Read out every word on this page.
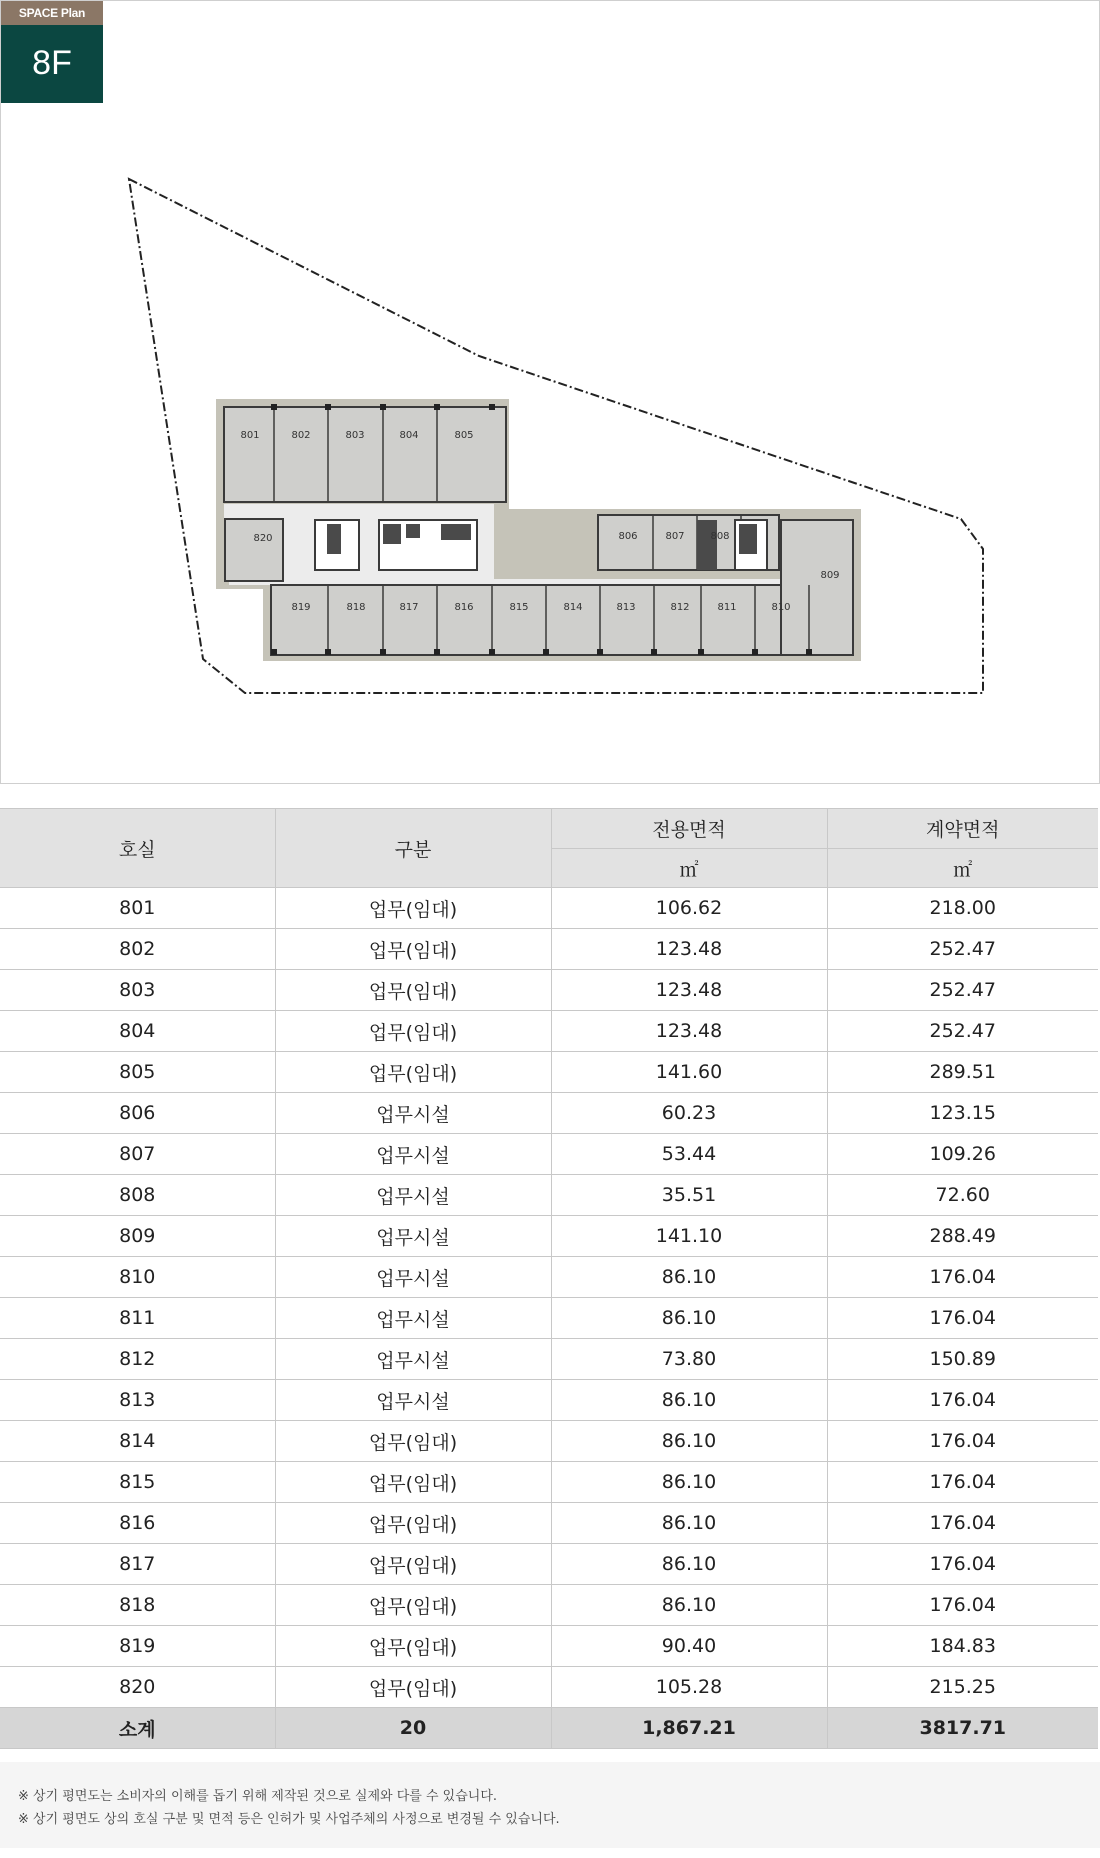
801	802	803	804	805
820
819	818	817	816	815	814	813	812	811	810
806	807	808
809
SPACE Plan
8F
호실	구분	전용면적	계약면적
		㎡	㎡
801	업무(임대)	106.62	218.00
802	업무(임대)	123.48	252.47
803	업무(임대)	123.48	252.47
804	업무(임대)	123.48	252.47
805	업무(임대)	141.60	289.51
806	업무시설	60.23	123.15
807	업무시설	53.44	109.26
808	업무시설	35.51	72.60
809	업무시설	141.10	288.49
810	업무시설	86.10	176.04
811	업무시설	86.10	176.04
812	업무시설	73.80	150.89
813	업무시설	86.10	176.04
814	업무(임대)	86.10	176.04
815	업무(임대)	86.10	176.04
816	업무(임대)	86.10	176.04
817	업무(임대)	86.10	176.04
818	업무(임대)	86.10	176.04
819	업무(임대)	90.40	184.83
820	업무(임대)	105.28	215.25
소계	20	1,867.21	3817.71
※ 상기 평면도는 소비자의 이해를 돕기 위해 제작된 것으로 실제와 다를 수 있습니다.
※ 상기 평면도 상의 호실 구분 및 면적 등은 인허가 및 사업주체의 사정으로 변경될 수 있습니다.
